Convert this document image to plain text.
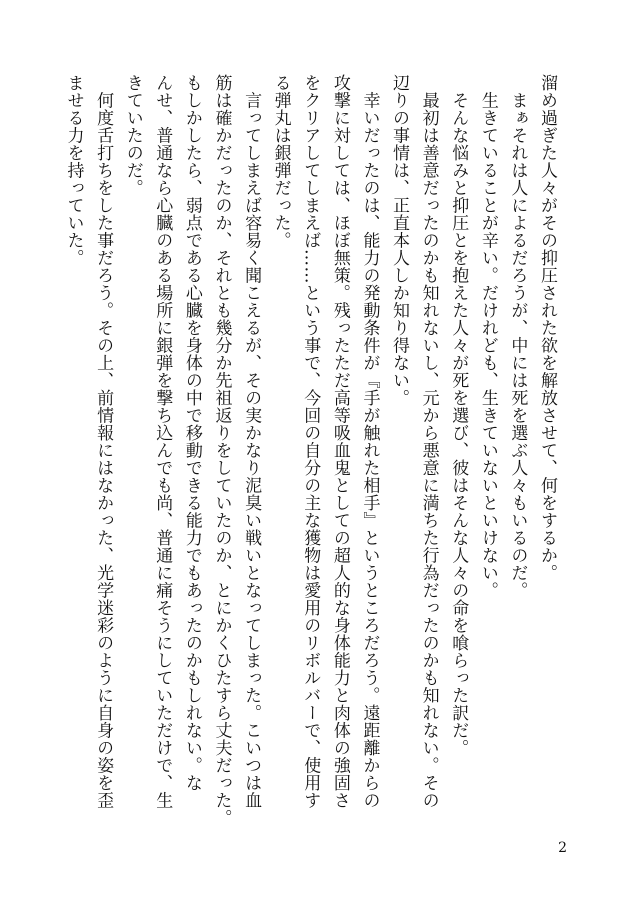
溜め過ぎた人々がその抑圧された欲を解放させて、何をするか。
　まぁそれは人によるだろうが、中には死を選ぶ人々もいるのだ。
　生きていることが辛い。だけれども、生きていないといけない。
　そんな悩みと抑圧とを抱えた人々が死を選び、彼はそんな人々の命を喰らった訳だ。
　最初は善意だったのかも知れないし、元から悪意に満ちた行為だったのかも知れない。その
辺りの事情は、正直本人しか知り得ない。
　幸いだったのは、能力の発動条件が『手が触れた相手』というところだろう。遠距離からの
攻撃に対しては、ほぼ無策。残ったただ高等吸血鬼としての超人的な身体能力と肉体の強固さ
をクリアしてしまえば……という事で、今回の自分の主な獲物は愛用のリボルバーで、使用す
る弾丸は銀弾だった。
　言ってしまえば容易く聞こえるが、その実かなり泥臭い戦いとなってしまった。こいつは血
筋は確かだったのか、それとも幾分か先祖返りをしていたのか、とにかくひたすら丈夫だった。
もしかしたら、弱点である心臓を身体の中で移動できる能力でもあったのかもしれない。な
んせ、普通なら心臓のある場所に銀弾を撃ち込んでも尚、普通に痛そうにしていただけで、生
きていたのだ。
　何度舌打ちをした事だろう。その上、前情報にはなかった、光学迷彩のように自身の姿を歪
ませる力を持っていた。
2
